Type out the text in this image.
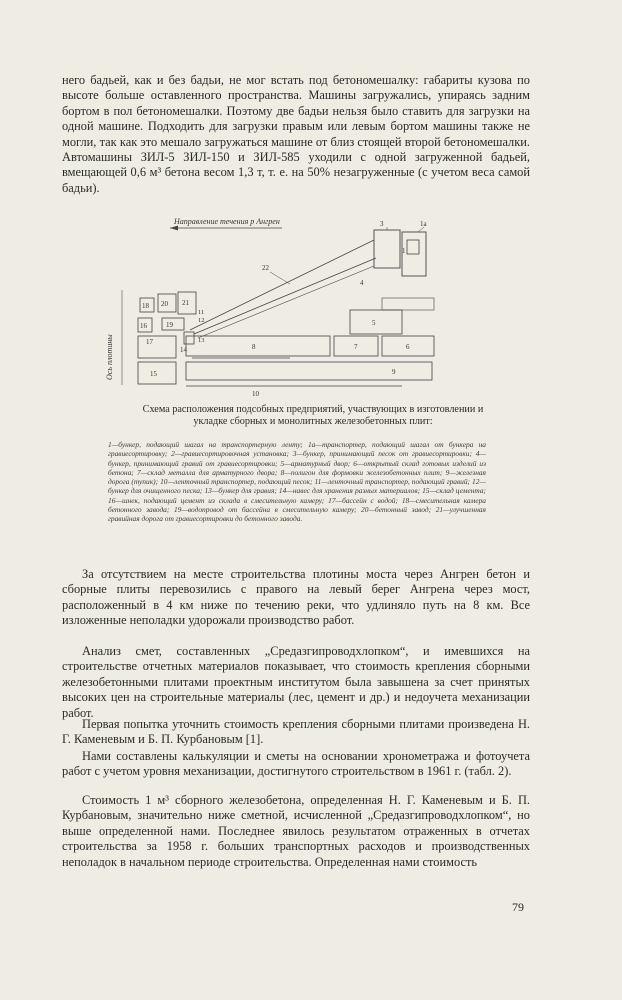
него бадьей, как и без бадьи, не мог встать под бетономешалку: габариты кузова по высоте больше оставленного пространства. Машины загружались, упираясь задним бортом в пол бетономешалки. Поэтому две бадьи нельзя было ставить для загрузки на одной машине. Подходить для загрузки правым или левым бортом машины также не могли, так как это мешало загружаться машине от близ стоящей второй бетономешалки. Автомашины ЗИЛ-5 ЗИЛ-150 и ЗИЛ-585 уходили с одной загруженной бадьей, вмещающей 0,6 м³ бетона весом 1,3 т, т. е. на 50% незагруженные (с учетом веса самой бадьи).

Направление течения р Ангрен
Ось плотины
1
1а
3
22
4
20 21
18
16	19
17
11
12
13
14	8	7	6
5
15	9
10

Схема расположения подсобных предприятий, участвующих в изготовлении и укладке сборных и монолитных железобетонных плит:

1—бункер, подающий шагал на транспортерную ленту; 1а—транспортер, подающий шагал от бункера на гравиесортировку; 2—гравиесортировочная установка; 3—бункер, принимающий песок от гравиесортировки; 4—бункер, принимающий гравий от гравиесортировки; 5—арматурный двор; 6—открытый склад готовых изделий из бетона; 7—склад металла для арматурного двора; 8—полигон для формовки железобетонных плит; 9—железная дорога (тупик); 10—ленточный транспортер, подающий песок; 11—ленточный транспортер, подающий гравий; 12—бункер для очищенного песка; 13—бункер для гравия; 14—навес для хранения разных материалов; 15—склад цемента; 16—шнек, подающий цемент из склада в смесительную камеру; 17—бассейн с водой; 18—смесительная камера бетонного завода; 19—водопровод от бассейна в смесительную камеру; 20—бетонный завод; 21—улучшенная гравийная дорога от гравиесортировки до бетонного завода.

За отсутствием на месте строительства плотины моста через Ангрен бетон и сборные плиты перевозились с правого на левый берег Ангрена через мост, расположенный в 4 км ниже по течению реки, что удлиняло путь на 8 км. Все изложенные неполадки удорожали производство работ.

Анализ смет, составленных „Средазгипроводхлопком“, и имевшихся на строительстве отчетных материалов показывает, что стоимость крепления сборными железобетонными плитами проектным институтом была завышена за счет принятых высоких цен на строительные материалы (лес, цемент и др.) и недоучета механизации работ.

Первая попытка уточнить стоимость крепления сборными плитами произведена Н. Г. Каменевым и Б. П. Курбановым [1].

Нами составлены калькуляции и сметы на основании хронометража и фотоучета работ с учетом уровня механизации, достигнутого строительством в 1961 г. (табл. 2).

Стоимость 1 м³ сборного железобетона, определенная Н. Г. Каменевым и Б. П. Курбановым, значительно ниже сметной, исчисленной „Средазгипроводхлопком“, но выше определенной нами. Последнее явилось результатом отраженных в отчетах строительства за 1958 г. больших транспортных расходов и производственных неполадок в начальном периоде строительства. Определенная нами стоимость

79
